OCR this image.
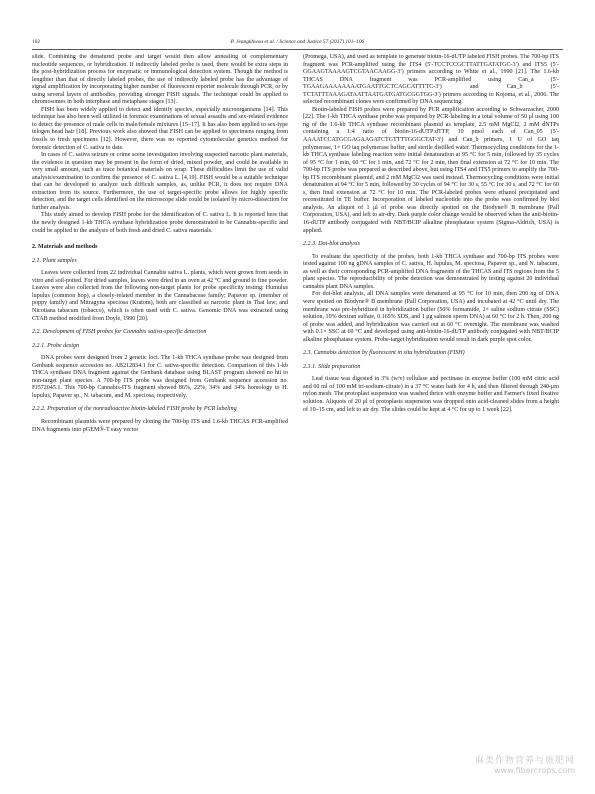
102	P. Jeangkhwoa et al. / Science and Justice 57 (2017) 101–106

slide. Combining the denatured probe and target would then allow annealing of complementary nucleotide sequences, or hybridization. If indirectly labeled probe is used, there would be extra steps in the post-hybridization process for enzymatic or immunological detection system. Though the method is lengthier than that of directly labeled probes, the use of indirectly labeled probe has the advantage of signal amplification by incorporating higher number of fluorescent reporter molecule through PCR, or by using several layers of antibodies, providing stronger FISH signals. The technique could be applied to chromosomes in both interphase and metaphase stages [13].

FISH has been widely applied to detect and identify species, especially microorganisms [14]. This technique has also been well utilized in forensic examinations of sexual assaults and sex-related evidence to detect the presence of male cells in male/female mixtures [15–17]. It has also been applied to sex-type telogen head hair [18]. Previous work also showed that FISH can be applied to specimens ranging from fossils to fresh specimens [12]. However, there was no reported cytomolecular genetics method for forensic detection of C. sativa to date.

In cases of C. sativa seizure or crime scene investigation involving suspected narcotic plant materials, the evidence in question may be present in the form of dried, mixed powder, and could be available in very small amount, such as trace botanical materials on wrap. These difficulties limit the use of valid analysis/examination to confirm the presence of C. sativa L. [4,19]. FISH would be a suitable technique that can be developed to analyze such difficult samples, as, unlike PCR, it does not require DNA extraction from its source. Furthermore, the use of target-specific probe allows for highly specific detection, and the target cells identified on the microscope slide could be isolated by micro-dissection for further analysis.

This study aimed to develop FISH probe for the identification of C. sativa L. It is reported here that the newly designed 1-kb THCA synthase hybridization probe demonstrated to be Cannabis-specific and could be applied to the analysis of both fresh and dried C. sativa materials.

2. Materials and methods
2.1. Plant samples

Leaves were collected from 22 individual Cannabis sativa L. plants, which were grown from seeds in vitro and soil-potted. For dried samples, leaves were dried in an oven at 42 °C and ground to fine powder. Leaves were also collected from the following non-target plants for probe specificity testing: Humulus lupulus (common hop), a closely-related member in the Cannabaceae family; Papaver sp. (member of poppy family) and Mitragyna speciosa (Kratom), both are classified as narcotic plant in Thai law; and Nicotiana tabacum (tobacco), which is often used with C. sativa. Genomic DNA was extracted using CTAB method modified from Doyle, 1990 [20].

2.2. Development of FISH probes for Cannabis sativa-specific detection
2.2.1. Probe design

DNA probes were designed from 2 genetic loci. The 1-kb THCA synthase probe was designed from Genbank sequence accession no. AB212834.1 for C. sativa-specific detection. Comparison of this 1-kb THCA synthase DNA fragment against the Genbank database using BLAST program showed no hit to non-target plant species. A 700-bp ITS probe was designed from Genbank sequence accession no. FJ572045.1. This 700-bp Cannabis-ITS fragment showed 86%, 22%, 34% and 34% homology to H. lupulus, Papaver sp., N. tabacum, and M. speciosa, respectively.

2.2.2. Preparation of the nonradioactive biotin-labeled FISH probe by PCR labeling

Recombinant plasmids were prepared by cloning the 700-bp ITS and 1.6-kb THCAS PCR-amplified DNA fragments into pGEM®-T easy vector

(Promega, USA), and used as template to generate biotin-16-dUTP labeled FISH probes. The 700-bp ITS fragment was PCR-amplified using the ITS4 (5′-TCCTCCGCTTATTGATATGC-3′) and ITS5 (5′-GGAAGTAAAAGTCGTAACAAGG-3′) primers according to White et al., 1990 [21]. The 1.6-kb THCAS DNA fragment was PCR-amplified using Can_a (5′-TGAAGAAAAAAAATGAATTGCTCAGCATTTTC-3′) and Can_b (5′-TCTATTTAAAGATAATTAATGATGATGCGGTGG-3′) primers according to Kojoma, et al., 2006. The selected recombinant clones were confirmed by DNA sequencing.

Biotin-labeled FISH probes were prepared by PCR amplification according to Schwarzacher, 2000 [22]. The 1-kb THCA synthase probe was prepared by PCR-labeling in a total volume of 50 μl using 100 ng of the 1.6-kb THCA synthase recombinant plasmid as template, 2.5 mM MgCl2, 2 mM dNTPs containing a 1:4 ratio of biotin-16-dUTP:dTTP, 10 pmol each of Can_05 (5′-AAAATCCATGCGAGAAGATCTGTTTTGGGCTAT-3′) and Can_b primers, 1 U of GO taq polymerase, 1× GO taq polymerase buffer, and sterile distilled water. Thermocycling conditions for the 1-kb THCA synthase labeling reaction were initial denaturation at 95 °C for 5 min, followed by 35 cycles of 95 °C for 1 min, 60 °C for 1 min, and 72 °C for 2 min, then final extension at 72 °C for 10 min. The 700-bp ITS probe was prepared as described above, but using ITS4 and ITS5 primers to amplify the 700-bp ITS recombinant plasmid, and 2 mM MgCl2 was used instead. Thermocycling conditions were initial denaturation at 94 °C for 5 min, followed by 30 cycles of 94 °C for 30 s, 55 °C for 30 s, and 72 °C for 60 s, then final extension at 72 °C for 10 min. The PCR-labeled probes were ethanol precipitated and reconstituted in TE buffer. Incorporation of labeled nucleotide into the probe was confirmed by blot analysis. An aliquot of 1 μl of probe was directly spotted on the Biodyne® B membrane (Pall Corporation, USA), and left to air-dry. Dark purple color change would be observed when the anti-biotin-16-dUTP antibody conjugated with NBT/BCIP alkaline phosphatase system (Sigma-Aldrich, USA) is applied.

2.2.3. Dot-blot analysis

To evaluate the specificity of the probes, both 1-kb THCA synthase and 700-bp ITS probes were tested against 100 ng gDNA samples of C. sativa, H. lupulus, M. speciosa, Papaver sp., and N. tabacum, as well as their corresponding PCR-amplified DNA fragments of the THCAS and ITS regions from the 5 plant species. The reproducibility of probe detection was demonstrated by testing against 20 individual cannabis plant DNA samples.

For dot-blot analysis, all DNA samples were denatured at 95 °C for 10 min, then 200 ng of DNA were spotted on Biodyne® B membrane (Pall Corporation, USA) and incubated at 42 °C until dry. The membrane was pre-hybridized in hybridization buffer (50% formamide, 2× saline sodium citrate (SSC) solution, 10% dextran sulfate, 0.165% SDS, and 1 μg salmon sperm DNA) at 60 °C for 2 h. Then, 200 ng of probe was added, and hybridization was carried out at 60 °C overnight. The membrane was washed with 0.1× SSC at 60 °C and developed using anti-biotin-16-dUTP antibody conjugated with NBT/BCIP alkaline phosphatase system. Probe-target hybridization would result in dark purple spot color.

2.3. Cannabis detection by fluorescent in situ hybridization (FISH)
2.3.1. Slide preparation

Leaf tissue was digested in 3% (w/v) cellulase and pectinase in enzyme buffer (100 mM citric acid and 60 ml of 100 mM tri-sodium-citrate) in a 37 °C water bath for 4 h, and then filtered through 240-μm nylon mesh. The protoplast suspension was washed thrice with enzyme buffer and Farmer's fixed fixative solution. Aliquots of 20 μl of protoplasts suspension was dropped onto acid-cleaned slides from a height of 10–15 cm, and left to air dry. The slides could be kept at 4 °C for up to 1 week [22].

麻类作物营养与施肥网
www.fibercrops.com
